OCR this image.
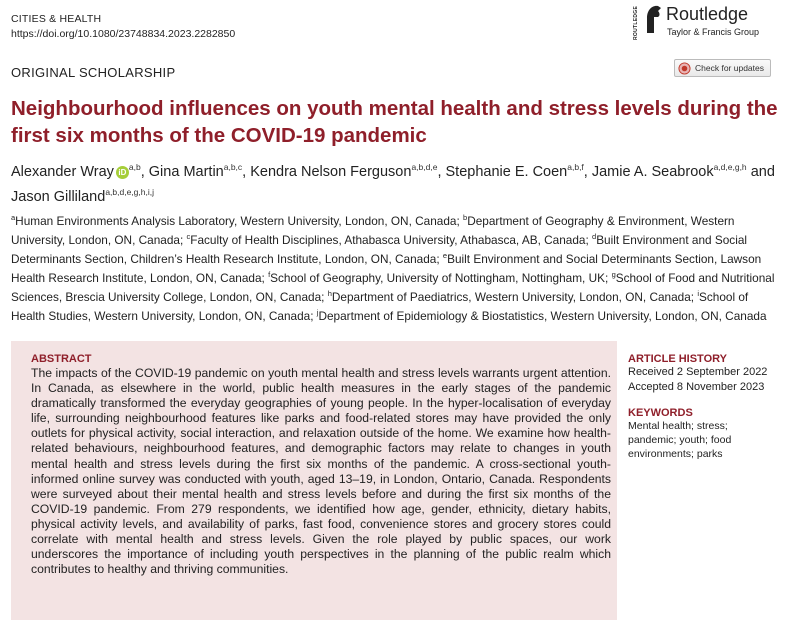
CITIES & HEALTH
https://doi.org/10.1080/23748834.2023.2282850	ROUTLEDGE Routledge
Taylor & Francis Group
ORIGINAL SCHOLARSHIP	Check for updates
Neighbourhood influences on youth mental health and stress levels during the first six months of the COVID-19 pandemic
Alexander Wray iD$^{a,b}$, Gina Martin$^{a,b,c}$, Kendra Nelson Ferguson$^{a,b,d,e}$, Stephanie E. Coen$^{a,b,f}$, Jamie A. Seabrook$^{a,d,e,g,h}$ and Jason Gilliland$^{a,b,d,e,g,h,i,j}$
$^a$Human Environments Analysis Laboratory, Western University, London, ON, Canada; $^b$Department of Geography & Environment, Western University, London, ON, Canada; $^c$Faculty of Health Disciplines, Athabasca University, Athabasca, AB, Canada; $^d$Built Environment and Social Determinants Section, Children’s Health Research Institute, London, ON, Canada; $^e$Built Environment and Social Determinants Section, Lawson Health Research Institute, London, ON, Canada; $^f$School of Geography, University of Nottingham, Nottingham, UK; $^g$School of Food and Nutritional Sciences, Brescia University College, London, ON, Canada; $^h$Department of Paediatrics, Western University, London, ON, Canada; $^i$School of Health Studies, Western University, London, ON, Canada; $^j$Department of Epidemiology & Biostatistics, Western University, London, ON, Canada
ABSTRACT
The impacts of the COVID-19 pandemic on youth mental health and stress levels warrants urgent attention. In Canada, as elsewhere in the world, public health measures in the early stages of the pandemic dramatically transformed the everyday geographies of young people. In the hyper-localisation of everyday life, surrounding neighbourhood features like parks and food-related stores may have provided the only outlets for physical activity, social interaction, and relaxation outside of the home. We examine how health-related behaviours, neighbourhood features, and demographic factors may relate to changes in youth mental health and stress levels during the first six months of the pandemic. A cross-sectional youth-informed online survey was conducted with youth, aged 13–19, in London, Ontario, Canada. Respondents were surveyed about their mental health and stress levels before and during the first six months of the COVID-19 pandemic. From 279 respondents, we identified how age, gender, ethnicity, dietary habits, physical activity levels, and availability of parks, fast food, convenience stores and grocery stores could correlate with mental health and stress levels. Given the role played by public spaces, our work underscores the importance of including youth perspectives in the planning of the public realm which contributes to healthy and thriving communities.
ARTICLE HISTORY
Received 2 September 2022
Accepted 8 November 2023
KEYWORDS
Mental health; stress; pandemic; youth; food environments; parks
